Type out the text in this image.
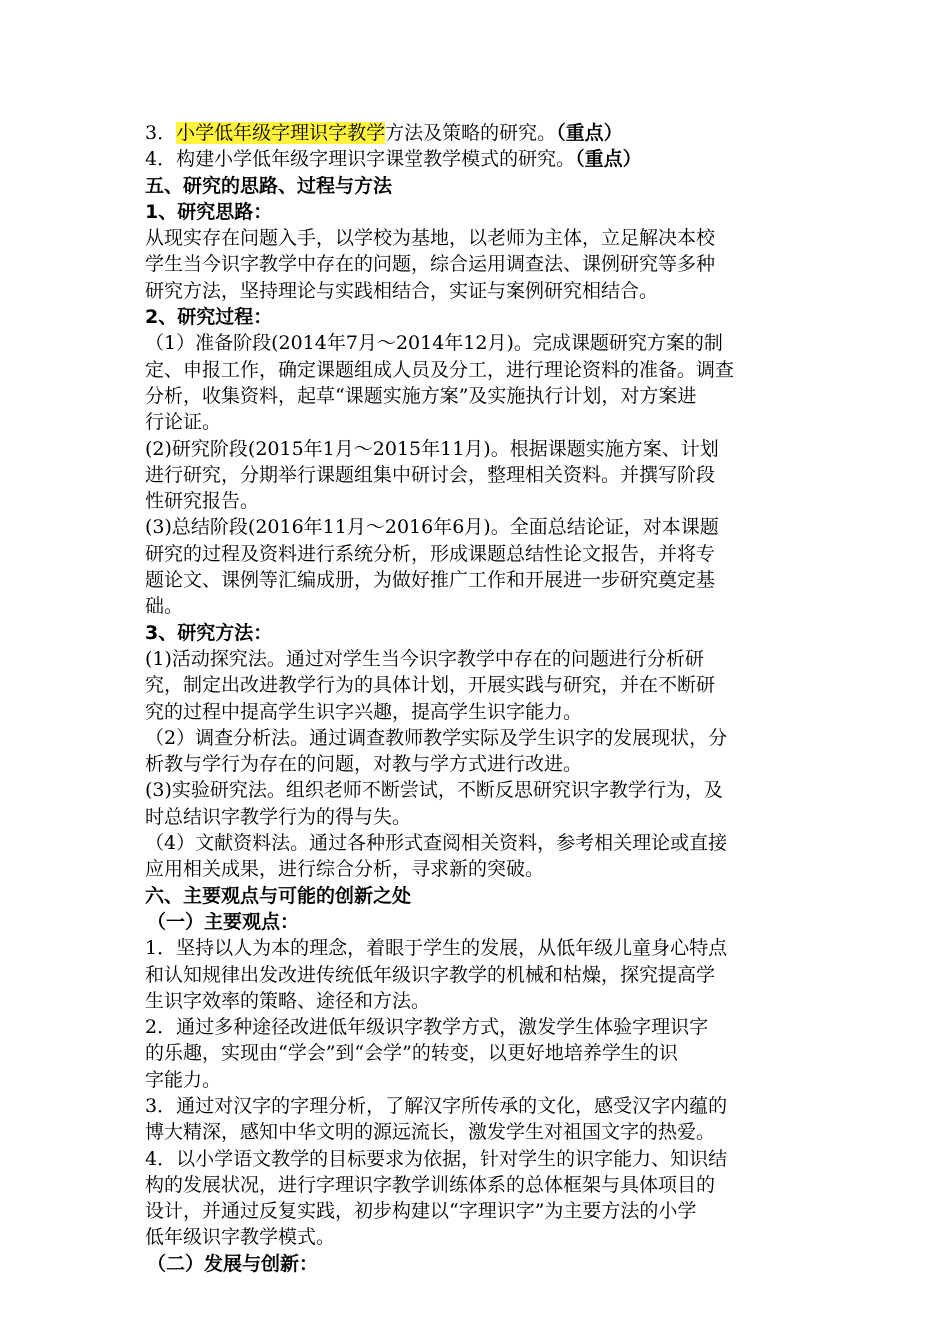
3．小学低年级字理识字教学方法及策略的研究。（重点）
4．构建小学低年级字理识字课堂教学模式的研究。（重点）
五、研究的思路、过程与方法
1、研究思路：
从现实存在问题入手，以学校为基地，以老师为主体，立足解决本校
学生当今识字教学中存在的问题，综合运用调查法、课例研究等多种
研究方法，坚持理论与实践相结合，实证与案例研究相结合。
2、研究过程：
（1）准备阶段(2014年7月～2014年12月)。完成课题研究方案的制
定、申报工作，确定课题组成人员及分工，进行理论资料的准备。调查
分析，收集资料，起草“课题实施方案”及实施执行计划，对方案进
行论证。
(2)研究阶段(2015年1月～2015年11月)。根据课题实施方案、计划
进行研究，分期举行课题组集中研讨会，整理相关资料。并撰写阶段
性研究报告。
(3)总结阶段(2016年11月～2016年6月)。全面总结论证，对本课题
研究的过程及资料进行系统分析，形成课题总结性论文报告，并将专
题论文、课例等汇编成册，为做好推广工作和开展进一步研究奠定基
础。
3、研究方法：
(1)活动探究法。通过对学生当今识字教学中存在的问题进行分析研
究，制定出改进教学行为的具体计划，开展实践与研究，并在不断研
究的过程中提高学生识字兴趣，提高学生识字能力。
（2）调查分析法。通过调查教师教学实际及学生识字的发展现状，分
析教与学行为存在的问题，对教与学方式进行改进。
(3)实验研究法。组织老师不断尝试，不断反思研究识字教学行为，及
时总结识字教学行为的得与失。
（4）文献资料法。通过各种形式查阅相关资料，参考相关理论或直接
应用相关成果，进行综合分析，寻求新的突破。
六、主要观点与可能的创新之处
（一）主要观点：
1．坚持以人为本的理念，着眼于学生的发展，从低年级儿童身心特点
和认知规律出发改进传统低年级识字教学的机械和枯燥，探究提高学
生识字效率的策略、途径和方法。
2．通过多种途径改进低年级识字教学方式，激发学生体验字理识字
的乐趣，实现由“学会”到“会学”的转变，以更好地培养学生的识
字能力。
3．通过对汉字的字理分析，了解汉字所传承的文化，感受汉字内蕴的
博大精深，感知中华文明的源远流长，激发学生对祖国文字的热爱。
4．以小学语文教学的目标要求为依据，针对学生的识字能力、知识结
构的发展状况，进行字理识字教学训练体系的总体框架与具体项目的
设计，并通过反复实践，初步构建以“字理识字”为主要方法的小学
低年级识字教学模式。
（二）发展与创新：
